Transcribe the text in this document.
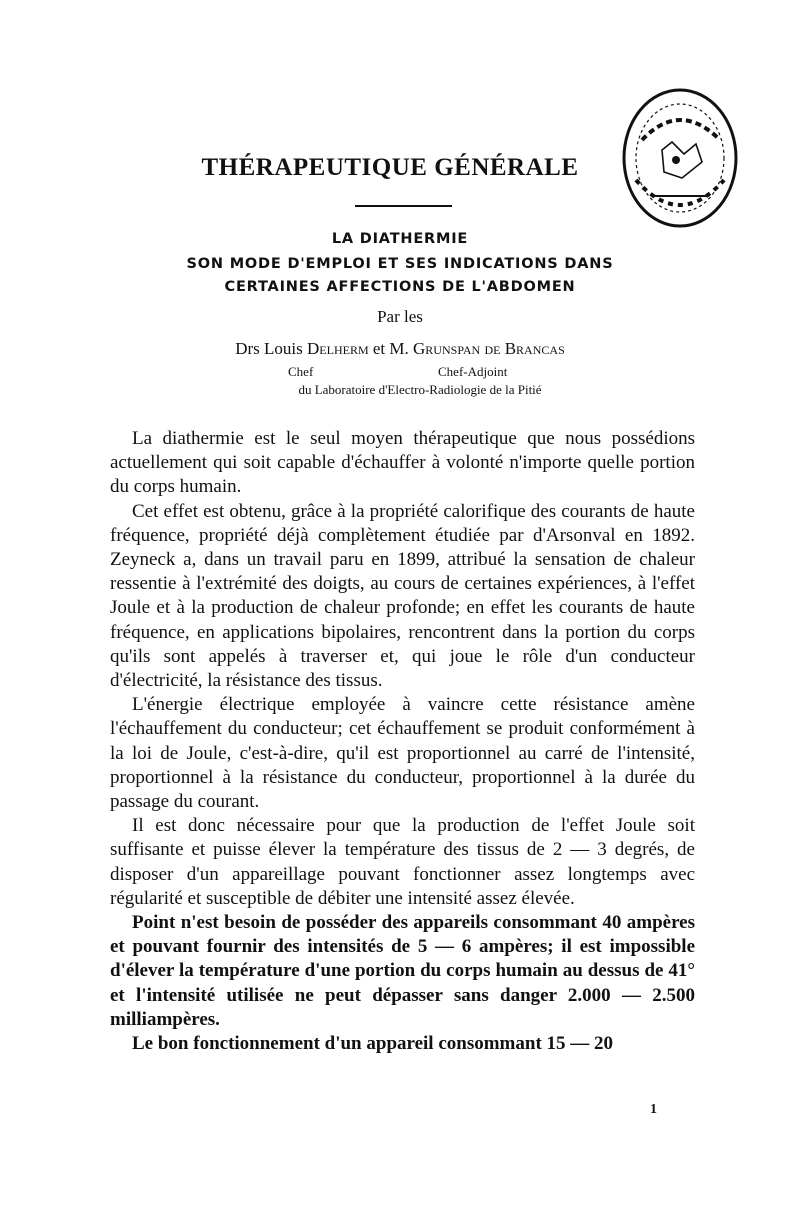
THÉRAPEUTIQUE GÉNÉRALE
LA DIATHERMIE
SON MODE D'EMPLOI ET SES INDICATIONS DANS
CERTAINES AFFECTIONS DE L'ABDOMEN
Par les
Drs Louis Delherm et M. Grunspan de Brancas
Chef	Chef-Adjoint
du Laboratoire d'Electro-Radiologie de la Pitié

La diathermie est le seul moyen thérapeutique que nous possédions actuellement qui soit capable d'échauffer à volonté n'importe quelle portion du corps humain.

Cet effet est obtenu, grâce à la propriété calorifique des courants de haute fréquence, propriété déjà complètement étudiée par d'Arsonval en 1892. Zeyneck a, dans un travail paru en 1899, attribué la sensation de chaleur ressentie à l'extrémité des doigts, au cours de certaines expériences, à l'effet Joule et à la production de chaleur profonde; en effet les courants de haute fréquence, en applications bipolaires, rencontrent dans la portion du corps qu'ils sont appelés à traverser et, qui joue le rôle d'un conducteur d'électricité, la résistance des tissus.

L'énergie électrique employée à vaincre cette résistance amène l'échauffement du conducteur; cet échauffement se produit conformément à la loi de Joule, c'est-à-dire, qu'il est proportionnel au carré de l'intensité, proportionnel à la résistance du conducteur, proportionnel à la durée du passage du courant.

Il est donc nécessaire pour que la production de l'effet Joule soit suffisante et puisse élever la température des tissus de 2 — 3 degrés, de disposer d'un appareillage pouvant fonctionner assez longtemps avec régularité et susceptible de débiter une intensité assez élevée.

Point n'est besoin de posséder des appareils consommant 40 ampères et pouvant fournir des intensités de 5 — 6 ampères; il est impossible d'élever la température d'une portion du corps humain au dessus de 41° et l'intensité utilisée ne peut dépasser sans danger 2.000 — 2.500 milliampères.

Le bon fonctionnement d'un appareil consommant 15 — 20

1
